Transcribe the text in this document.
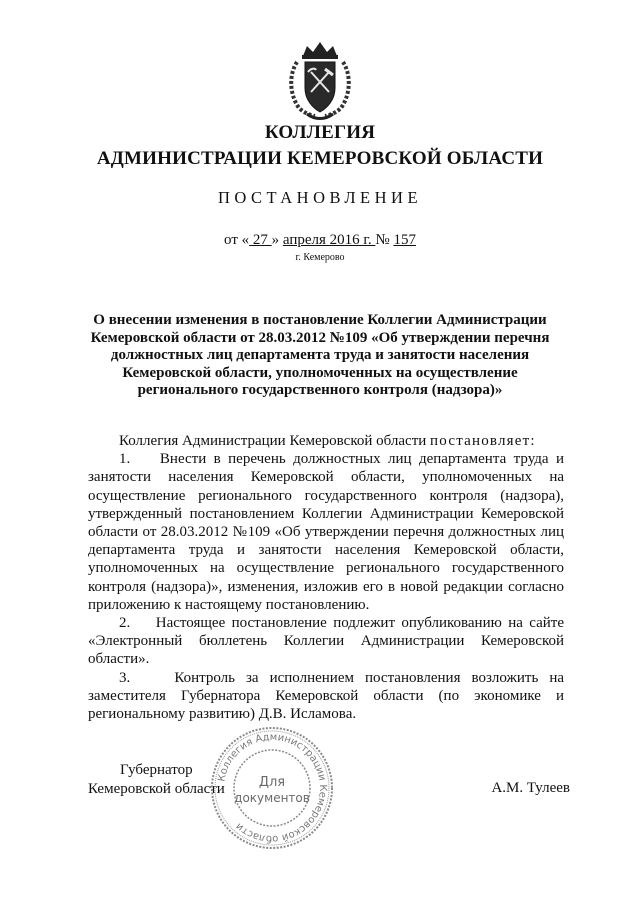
КОЛЛЕГИЯ
АДМИНИСТРАЦИИ КЕМЕРОВСКОЙ ОБЛАСТИ
ПОСТАНОВЛЕНИЕ
от « 27 » апреля 2016 г. № 157
г. Кемерово
О внесении изменения в постановление Коллегии Администрации Кемеровской области от 28.03.2012 №109 «Об утверждении перечня должностных лиц департамента труда и занятости населения Кемеровской области, уполномоченных на осуществление регионального государственного контроля (надзора)»

Коллегия Администрации Кемеровской области постановляет:

1.    Внести в перечень должностных лиц департамента труда и занятости населения Кемеровской области, уполномоченных на осуществление регионального государственного контроля (надзора), утвержденный постановлением Коллегии Администрации Кемеровской области от 28.03.2012 №109 «Об утверждении перечня должностных лиц департамента труда и занятости населения Кемеровской области, уполномоченных на осуществление регионального государственного контроля (надзора)», изменения, изложив его в новой редакции согласно приложению к настоящему постановлению.

2.    Настоящее постановление подлежит опубликованию на сайте «Электронный бюллетень Коллегии Администрации Кемеровской области».

3.    Контроль за исполнением постановления возложить на заместителя Губернатора Кемеровской области (по экономике и региональному развитию) Д.В. Исламова.

Губернатор
Кемеровской области	А.М. Тулеев
Коллегия Администрации Кемеровской области
Для
документов
